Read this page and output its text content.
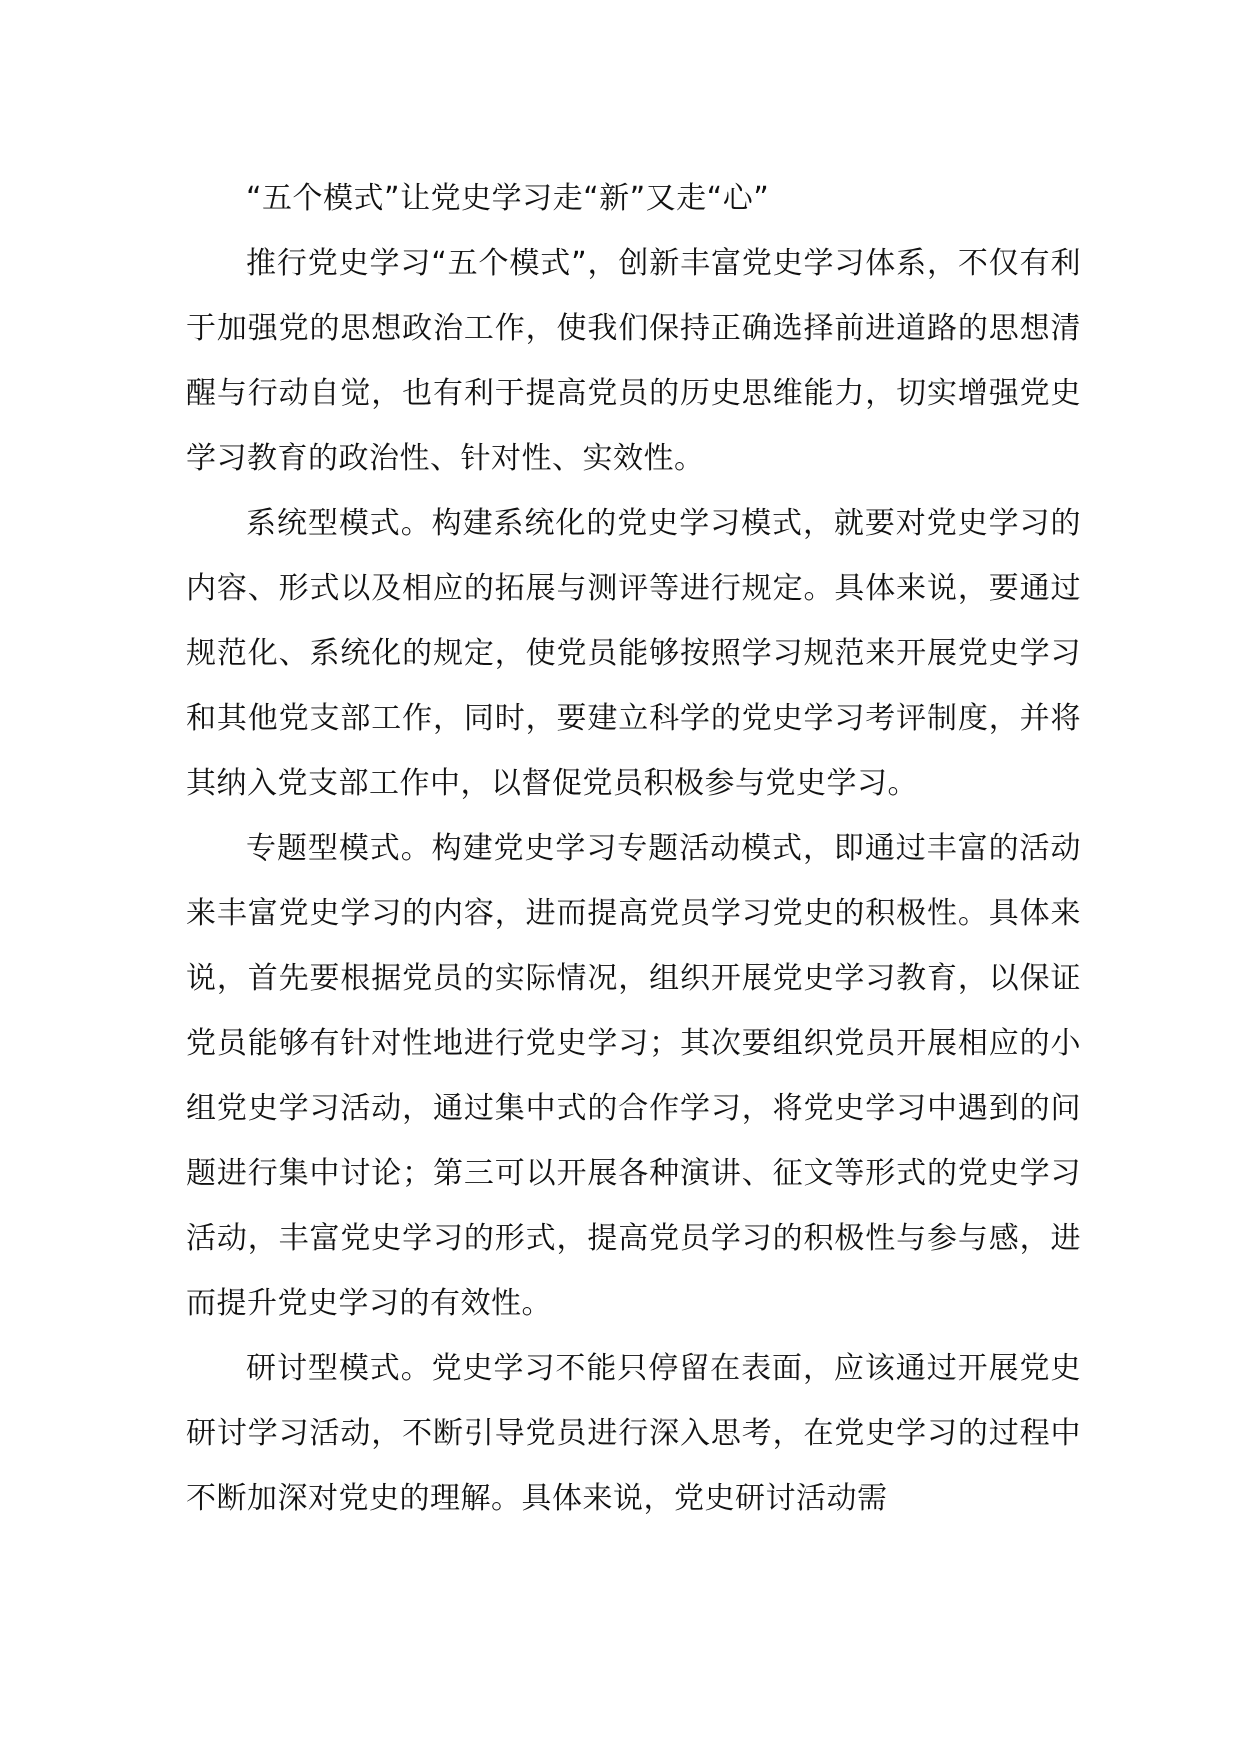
“五个模式”让党史学习走“新”又走“心”

推行党史学习“五个模式”，创新丰富党史学习体系，不仅有利于加强党的思想政治工作，使我们保持正确选择前进道路的思想清醒与行动自觉，也有利于提高党员的历史思维能力，切实增强党史学习教育的政治性、针对性、实效性。

系统型模式。构建系统化的党史学习模式，就要对党史学习的内容、形式以及相应的拓展与测评等进行规定。具体来说，要通过规范化、系统化的规定，使党员能够按照学习规范来开展党史学习和其他党支部工作，同时，要建立科学的党史学习考评制度，并将其纳入党支部工作中，以督促党员积极参与党史学习。

专题型模式。构建党史学习专题活动模式，即通过丰富的活动来丰富党史学习的内容，进而提高党员学习党史的积极性。具体来说，首先要根据党员的实际情况，组织开展党史学习教育，以保证党员能够有针对性地进行党史学习；其次要组织党员开展相应的小组党史学习活动，通过集中式的合作学习，将党史学习中遇到的问题进行集中讨论；第三可以开展各种演讲、征文等形式的党史学习活动，丰富党史学习的形式，提高党员学习的积极性与参与感，进而提升党史学习的有效性。

研讨型模式。党史学习不能只停留在表面，应该通过开展党史研讨学习活动，不断引导党员进行深入思考，在党史学习的过程中不断加深对党史的理解。具体来说，党史研讨活动需
